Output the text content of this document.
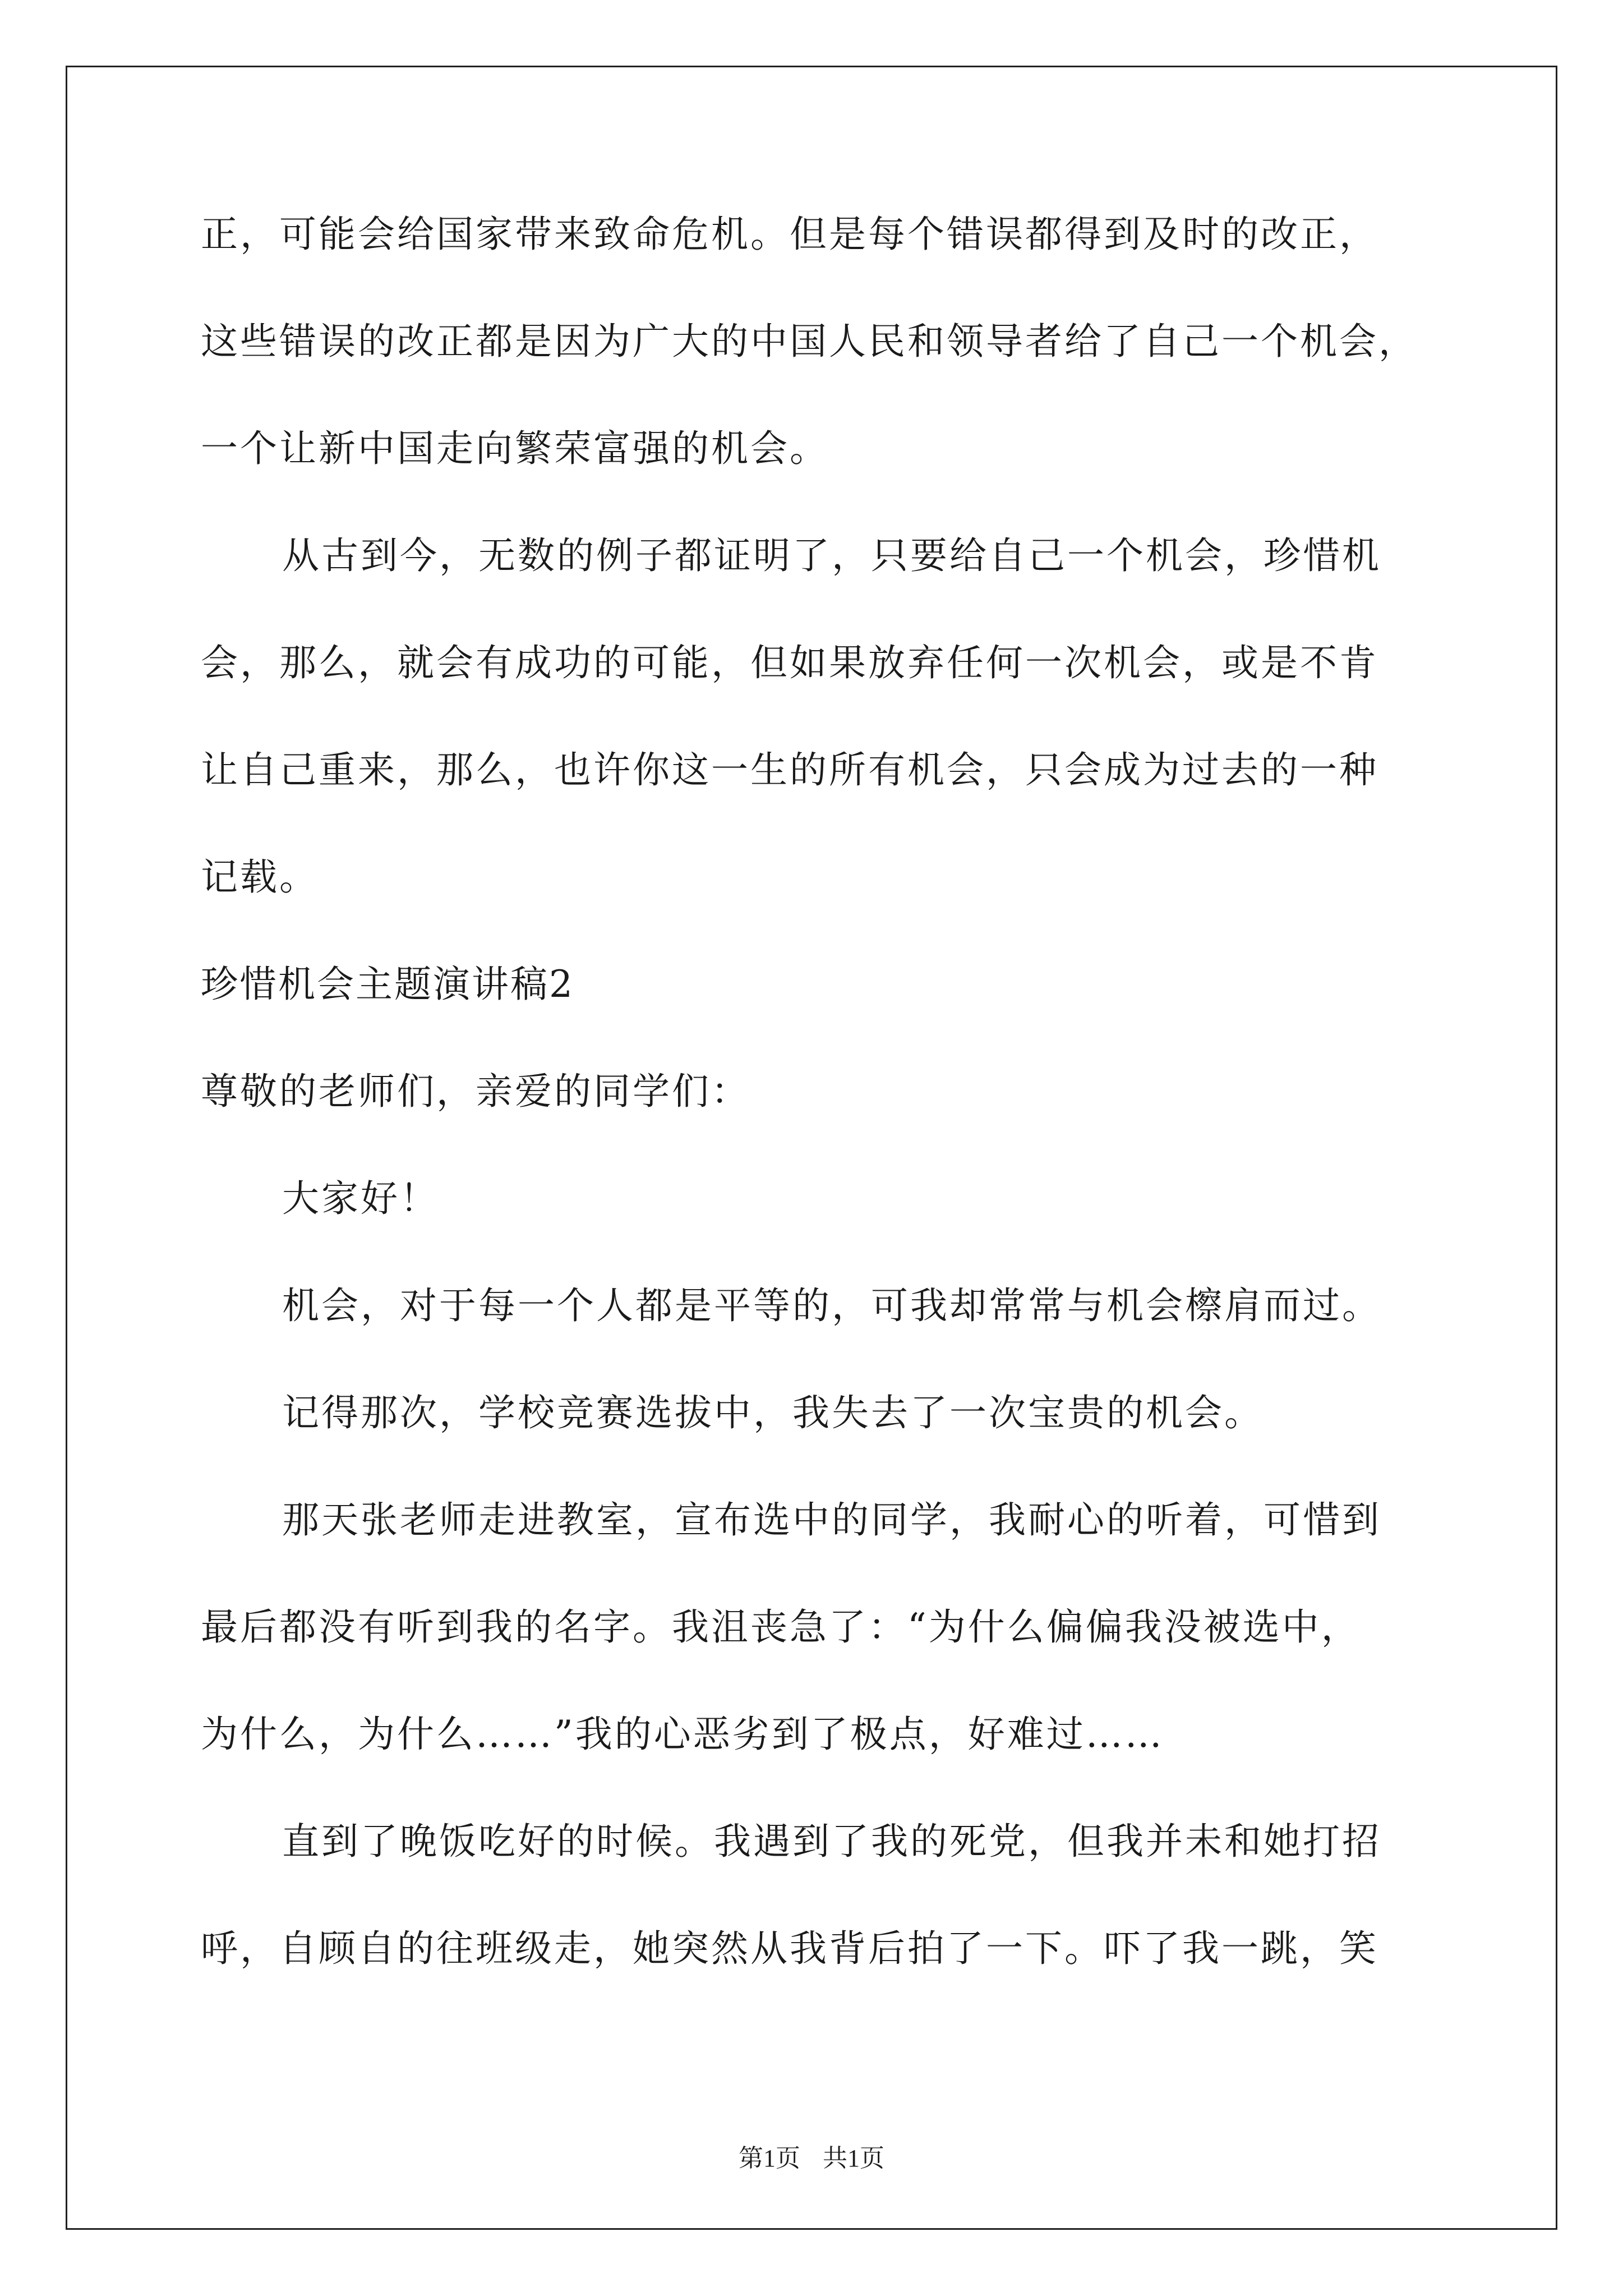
正，可能会给国家带来致命危机。但是每个错误都得到及时的改正，
这些错误的改正都是因为广大的中国人民和领导者给了自己一个机会，
一个让新中国走向繁荣富强的机会。
从古到今，无数的例子都证明了，只要给自己一个机会，珍惜机
会，那么，就会有成功的可能，但如果放弃任何一次机会，或是不肯
让自己重来，那么，也许你这一生的所有机会，只会成为过去的一种
记载。
珍惜机会主题演讲稿2
尊敬的老师们，亲爱的同学们：
大家好！
机会，对于每一个人都是平等的，可我却常常与机会檫肩而过。
记得那次，学校竞赛选拔中，我失去了一次宝贵的机会。
那天张老师走进教室，宣布选中的同学，我耐心的听着，可惜到
最后都没有听到我的名字。我沮丧急了：“为什么偏偏我没被选中，
为什么，为什么……”我的心恶劣到了极点，好难过……
直到了晚饭吃好的时候。我遇到了我的死党，但我并未和她打招
呼，自顾自的往班级走，她突然从我背后拍了一下。吓了我一跳，笑
第1页 共1页
